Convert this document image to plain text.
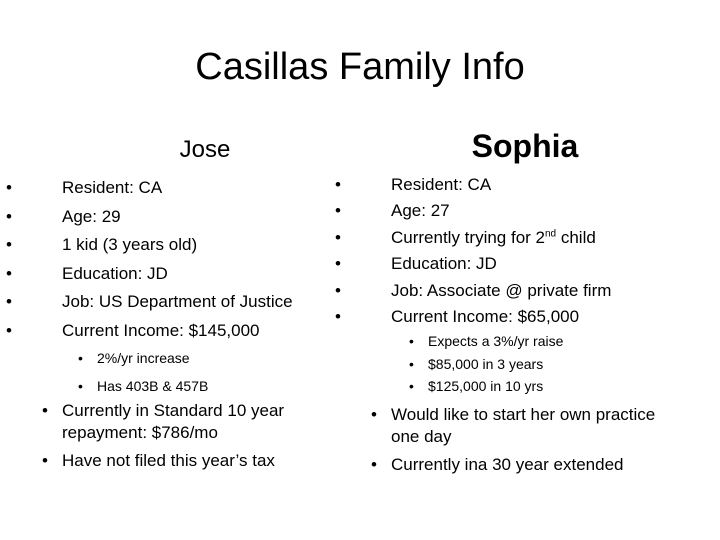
Casillas Family Info
Jose
• Resident: CA
• Age: 29
• 1 kid (3 years old)
• Education: JD
• Job: US Department of Justice
• Current Income: $145,000
• 2%/yr increase
• Has 403B & 457B
• Currently in Standard 10 year repayment: $786/mo
• Have not filed this year’s tax
Sophia
• Resident: CA
• Age: 27
• Currently trying for 2nd child
• Education: JD
• Job: Associate @ private firm
• Current Income: $65,000
• Expects a 3%/yr raise
• $85,000 in 3 years
• $125,000 in 10 yrs
• Would like to start her own practice one day
• Currently ina 30 year extended
